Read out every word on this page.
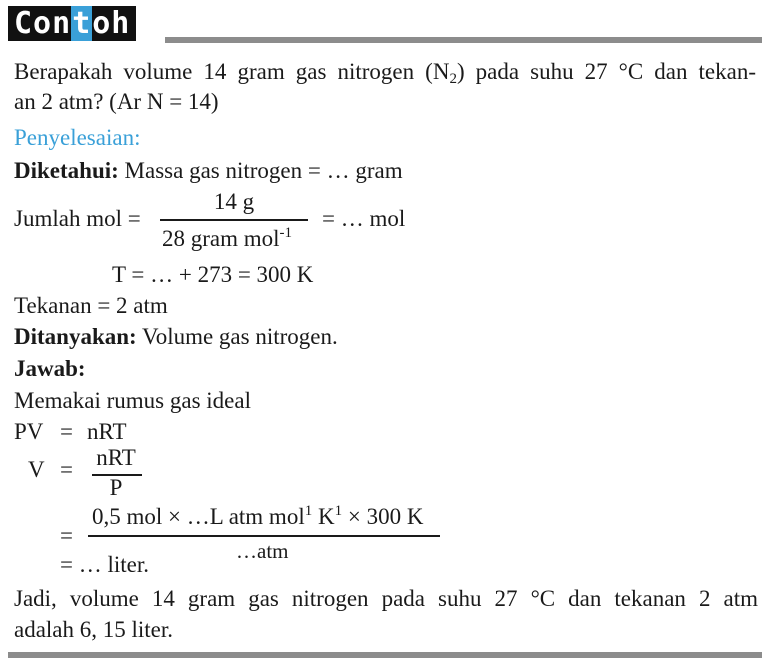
Con t oh
Berapakah volume 14 gram gas nitrogen $(N_2)$ pada suhu 27 °C dan tekan-
an 2 atm? (Ar N = 14)
Penyelesaian:
Diketahui: Massa gas nitrogen = … gram
Jumlah mol =
14 g
28 gram mol$^{-1}$
= … mol
T = … + 273 = 300 K
Tekanan = 2 atm
Ditanyakan: Volume gas nitrogen.
Jawab:
Memakai rumus gas ideal
PV = nRT
V = nRT
P
=
0,5 mol × …L atm mol$^1$ $K^1 \times 300$ K
…atm
= … liter.
Jadi, volume 14 gram gas nitrogen pada suhu 27 °C dan tekanan 2 atm
adalah 6, 15 liter.
